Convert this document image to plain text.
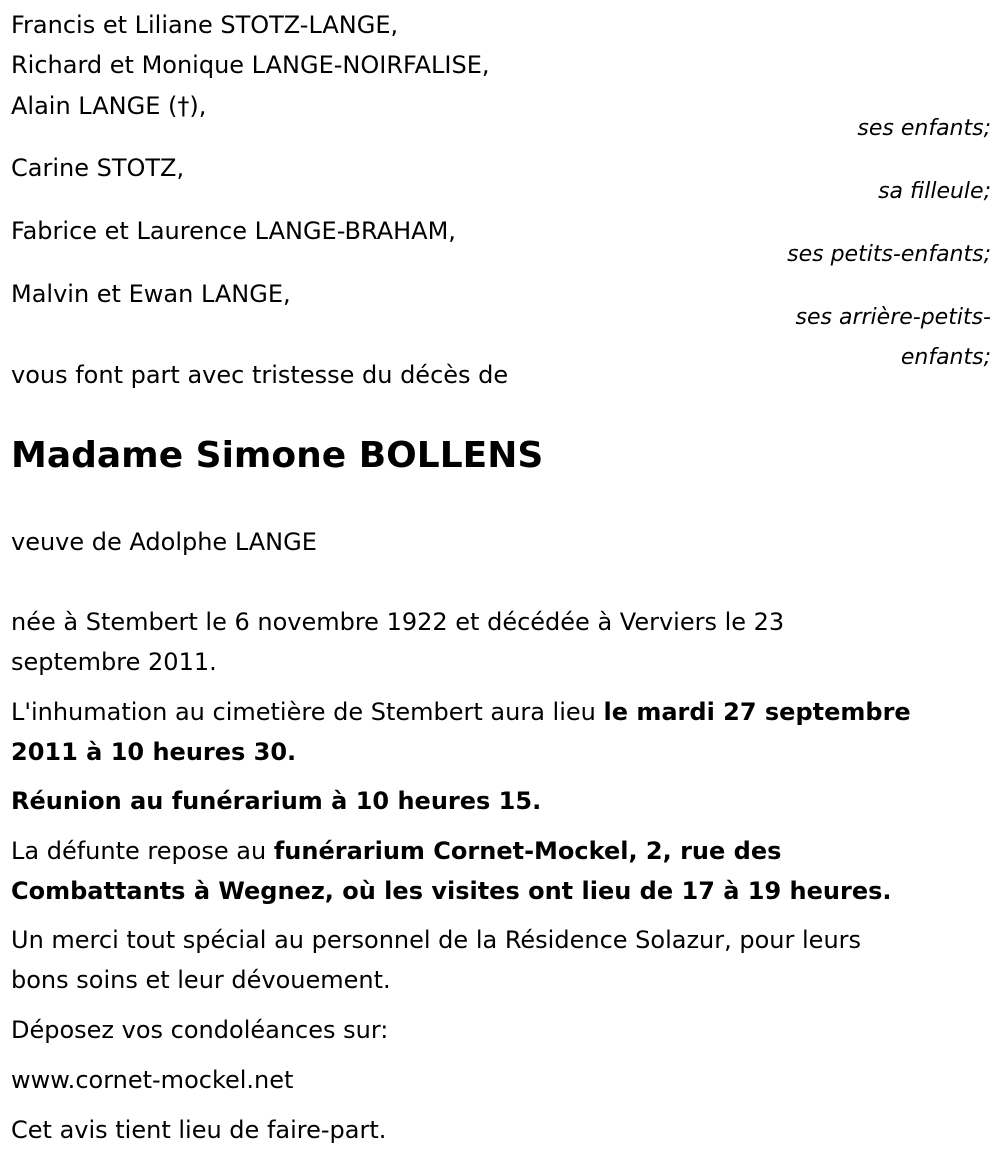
Francis et Liliane STOTZ-LANGE,
Richard et Monique LANGE-NOIRFALISE,
Alain LANGE (†),
ses enfants;
Carine STOTZ,
sa filleule;
Fabrice et Laurence LANGE-BRAHAM,
ses petits-enfants;
Malvin et Ewan LANGE,
ses arrière-petits-
enfants;
vous font part avec tristesse du décès de
Madame Simone BOLLENS
veuve de Adolphe LANGE
née à Stembert le 6 novembre 1922 et décédée à Verviers le 23
septembre 2011.
L'inhumation au cimetière de Stembert aura lieu le mardi 27 septembre
2011 à 10 heures 30.
Réunion au funérarium à 10 heures 15.
La défunte repose au funérarium Cornet-Mockel, 2, rue des
Combattants à Wegnez, où les visites ont lieu de 17 à 19 heures.
Un merci tout spécial au personnel de la Résidence Solazur, pour leurs
bons soins et leur dévouement.
Déposez vos condoléances sur:
www.cornet-mockel.net
Cet avis tient lieu de faire-part.
